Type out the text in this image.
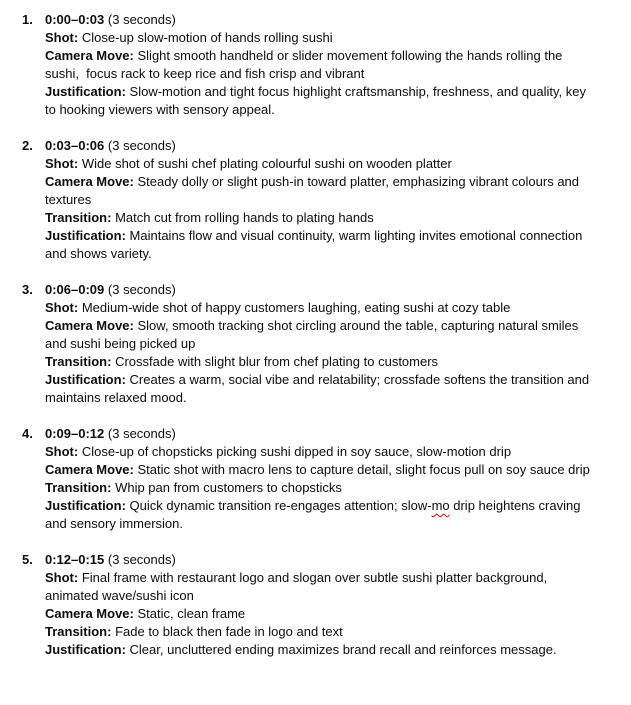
1. 0:00–0:03 (3 seconds)
Shot: Close-up slow-motion of hands rolling sushi
Camera Move: Slight smooth handheld or slider movement following the hands rolling the sushi,  focus rack to keep rice and fish crisp and vibrant
Justification: Slow-motion and tight focus highlight craftsmanship, freshness, and quality, key to hooking viewers with sensory appeal.
2. 0:03–0:06 (3 seconds)
Shot: Wide shot of sushi chef plating colourful sushi on wooden platter
Camera Move: Steady dolly or slight push-in toward platter, emphasizing vibrant colours and textures
Transition: Match cut from rolling hands to plating hands
Justification: Maintains flow and visual continuity, warm lighting invites emotional connection and shows variety.
3. 0:06–0:09 (3 seconds)
Shot: Medium-wide shot of happy customers laughing, eating sushi at cozy table
Camera Move: Slow, smooth tracking shot circling around the table, capturing natural smiles and sushi being picked up
Transition: Crossfade with slight blur from chef plating to customers
Justification: Creates a warm, social vibe and relatability; crossfade softens the transition and maintains relaxed mood.
4. 0:09–0:12 (3 seconds)
Shot: Close-up of chopsticks picking sushi dipped in soy sauce, slow-motion drip
Camera Move: Static shot with macro lens to capture detail, slight focus pull on soy sauce drip
Transition: Whip pan from customers to chopsticks
Justification: Quick dynamic transition re-engages attention; slow-mo drip heightens craving and sensory immersion.
5. 0:12–0:15 (3 seconds)
Shot: Final frame with restaurant logo and slogan over subtle sushi platter background, animated wave/sushi icon
Camera Move: Static, clean frame
Transition: Fade to black then fade in logo and text
Justification: Clear, uncluttered ending maximizes brand recall and reinforces message.
